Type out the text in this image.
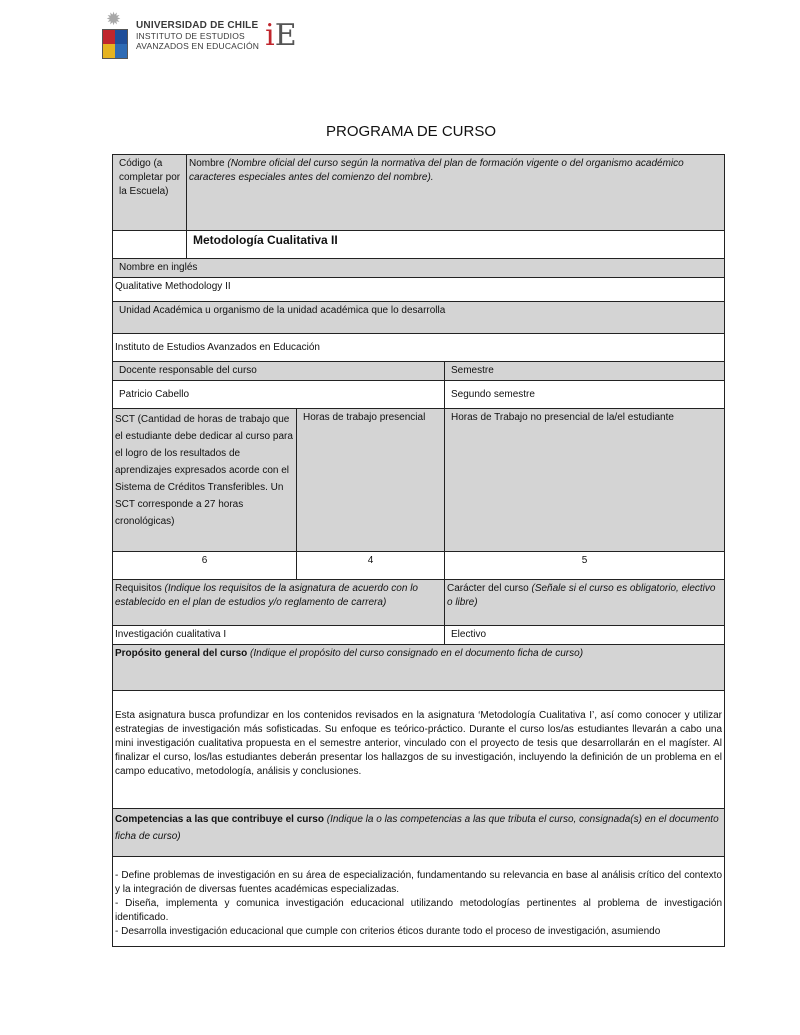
✹ UNIVERSIDAD DE CHILE
INSTITUTO DE ESTUDIOS
AVANZADOS EN EDUCACIÓN iE
PROGRAMA DE CURSO
Código (a completar por la Escuela)	Nombre (Nombre oficial del curso según la normativa del plan de formación vigente o del organismo académico caracteres especiales antes del comienzo del nombre).		
	Metodología Cualitativa II		
Nombre en inglés			
Qualitative Methodology II			
Unidad Académica u organismo de la unidad académica que lo desarrolla			
Instituto de Estudios Avanzados en Educación			
Docente responsable del curso			Semestre
Patricio Cabello			Segundo semestre
SCT (Cantidad de horas de trabajo que el estudiante debe dedicar al curso para el logro de los resultados de aprendizajes expresados acorde con el Sistema de Créditos Transferibles. Un SCT corresponde a 27 horas cronológicas)		Horas de trabajo presencial	Horas de Trabajo no presencial de la/el estudiante
6		4	5
Requisitos (Indique los requisitos de la asignatura de acuerdo con lo establecido en el plan de estudios y/o reglamento de carrera)			Carácter del curso (Señale si el curso es obligatorio, electivo o libre)
Investigación cualitativa I			Electivo
Propósito general del curso (Indique el propósito del curso consignado en el documento ficha de curso)			
Esta asignatura busca profundizar en los contenidos revisados en la asignatura ‘Metodología Cualitativa I’, así como conocer y utilizar estrategias de investigación más sofisticadas. Su enfoque es teórico-práctico. Durante el curso los/as estudiantes llevarán a cabo una mini investigación cualitativa propuesta en el semestre anterior, vinculado con el proyecto de tesis que desarrollarán en el magíster. Al finalizar el curso, los/las estudiantes deberán presentar los hallazgos de su investigación, incluyendo la definición de un problema en el campo educativo, metodología, análisis y conclusiones.			
Competencias a las que contribuye el curso (Indique la o las competencias a las que tributa el curso, consignada(s) en el documento ficha de curso)			

- Define problemas de investigación en su área de especialización, fundamentando su relevancia en base al análisis crítico del contexto y la integración de diversas fuentes académicas especializadas.
- Diseña, implementa y comunica investigación educacional utilizando metodologías pertinentes al problema de investigación identificado.
- Desarrolla investigación educacional que cumple con criterios éticos durante todo el proceso de investigación, asumiendo			
